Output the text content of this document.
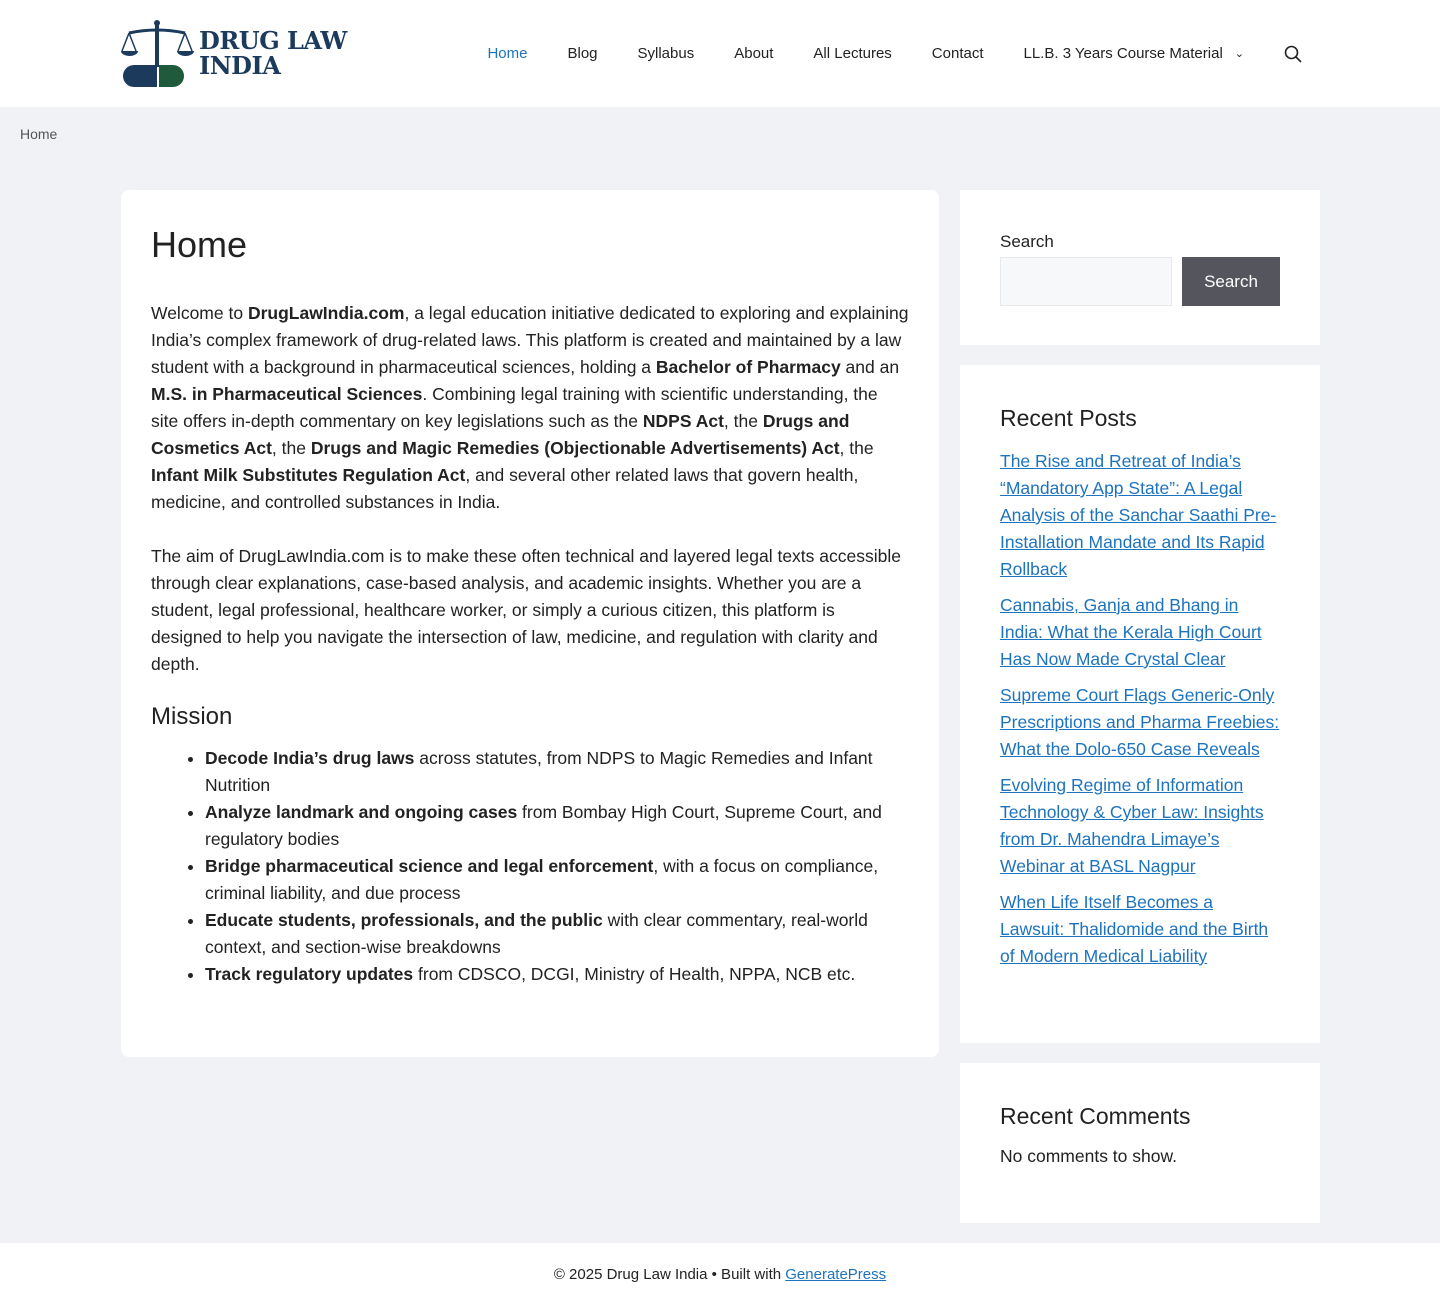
DRUG LAW
INDIA	Home	Blog	Syllabus	About	All Lectures	Contact	LL.B. 3 Years Course Material ⌄
Home
Home

Welcome to DrugLawIndia.com, a legal education initiative dedicated to exploring and explaining India’s complex framework of drug-related laws. This platform is created and maintained by a law student with a background in pharmaceutical sciences, holding a Bachelor of Pharmacy and an M.S. in Pharmaceutical Sciences. Combining legal training with scientific understanding, the site offers in-depth commentary on key legislations such as the NDPS Act, the Drugs and Cosmetics Act, the Drugs and Magic Remedies (Objectionable Advertisements) Act, the Infant Milk Substitutes Regulation Act, and several other related laws that govern health, medicine, and controlled substances in India.

The aim of DrugLawIndia.com is to make these often technical and layered legal texts accessible through clear explanations, case-based analysis, and academic insights. Whether you are a student, legal professional, healthcare worker, or simply a curious citizen, this platform is designed to help you navigate the intersection of law, medicine, and regulation with clarity and depth.

Mission
• Decode India’s drug laws across statutes, from NDPS to Magic Remedies and Infant Nutrition
• Analyze landmark and ongoing cases from Bombay High Court, Supreme Court, and regulatory bodies
• Bridge pharmaceutical science and legal enforcement, with a focus on compliance, criminal liability, and due process
• Educate students, professionals, and the public with clear commentary, real-world context, and section-wise breakdowns
• Track regulatory updates from CDSCO, DCGI, Ministry of Health, NPPA, NCB etc.
Search
Search
Recent Posts
The Rise and Retreat of India’s “Mandatory App State”: A Legal Analysis of the Sanchar Saathi Pre-Installation Mandate and Its Rapid Rollback
Cannabis, Ganja and Bhang in India: What the Kerala High Court Has Now Made Crystal Clear
Supreme Court Flags Generic-Only Prescriptions and Pharma Freebies: What the Dolo-650 Case Reveals
Evolving Regime of Information Technology & Cyber Law: Insights from Dr. Mahendra Limaye’s Webinar at BASL Nagpur
When Life Itself Becomes a Lawsuit: Thalidomide and the Birth of Modern Medical Liability
Recent Comments
No comments to show.
© 2025 Drug Law India • Built with GeneratePress
